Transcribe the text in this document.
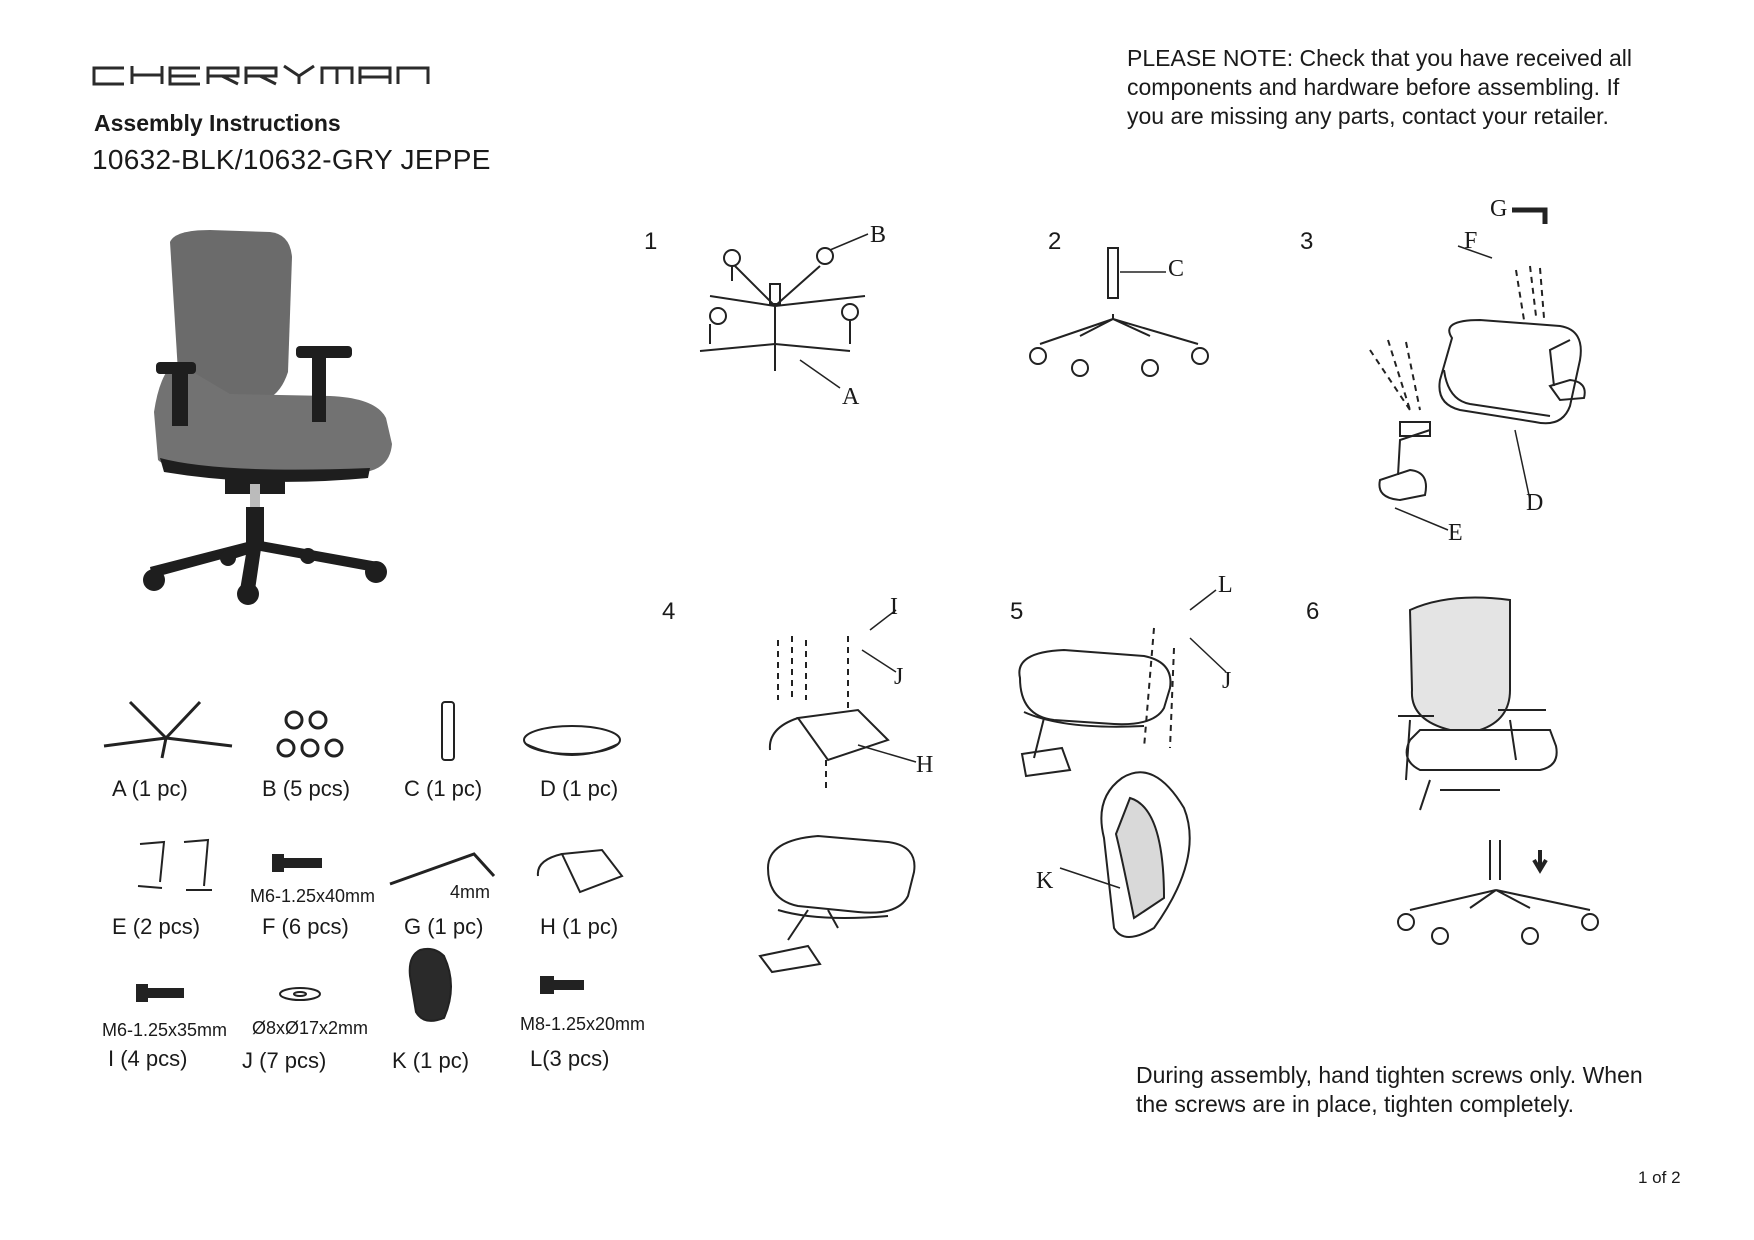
Assembly Instructions
10632-BLK/10632-GRY JEPPE
PLEASE NOTE: Check that you have received all
components and hardware before assembling. If
you are missing any parts, contact your retailer.
1	B
A
2
C
3
G
F
D
E
4	I
J
H
5
L
J
K
6
A (1 pc)	B (5 pcs) C (1 pc)	D (1 pc)
M6-1.25x40mm	4mm
E (2 pcs)	F (6 pcs)	G (1 pc)	H (1 pc)
M6-1.25x35mm Ø8xØ17x2mm	M8-1.25x20mm
I (4 pcs) J (7 pcs)	K (1 pc)	L(3 pcs)
During assembly, hand tighten screws only. When
the screws are in place, tighten completely.
1 of 2
